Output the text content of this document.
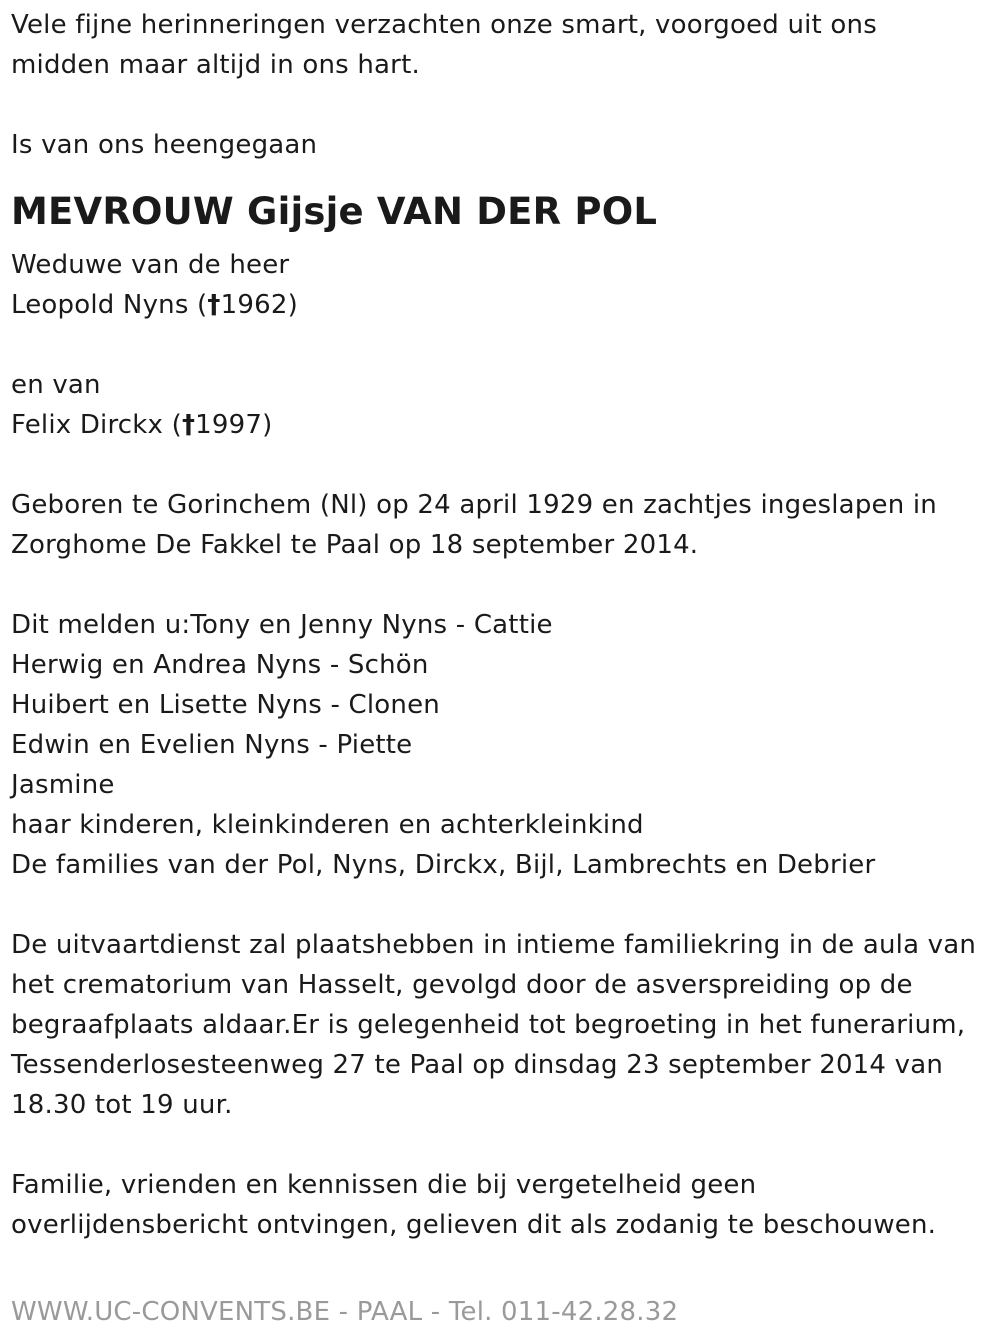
Vele fijne herinneringen verzachten onze smart, voorgoed uit ons
midden maar altijd in ons hart.
Is van ons heengegaan
MEVROUW Gijsje VAN DER POL
Weduwe van de heer
Leopold Nyns (†1962)
en van
Felix Dirckx (†1997)
Geboren te Gorinchem (Nl) op 24 april 1929 en zachtjes ingeslapen in
Zorghome De Fakkel te Paal op 18 september 2014.
Dit melden u:Tony en Jenny Nyns - Cattie
Herwig en Andrea Nyns - Schön
Huibert en Lisette Nyns - Clonen
Edwin en Evelien Nyns - Piette
Jasmine
haar kinderen, kleinkinderen en achterkleinkind
De families van der Pol, Nyns, Dirckx, Bijl, Lambrechts en Debrier
De uitvaartdienst zal plaatshebben in intieme familiekring in de aula van
het crematorium van Hasselt, gevolgd door de asverspreiding op de
begraafplaats aldaar.Er is gelegenheid tot begroeting in het funerarium,
Tessenderlosesteenweg 27 te Paal op dinsdag 23 september 2014 van
18.30 tot 19 uur.
Familie, vrienden en kennissen die bij vergetelheid geen
overlijdensbericht ontvingen, gelieven dit als zodanig te beschouwen.
WWW.UC-CONVENTS.BE - PAAL - Tel. 011-42.28.32
